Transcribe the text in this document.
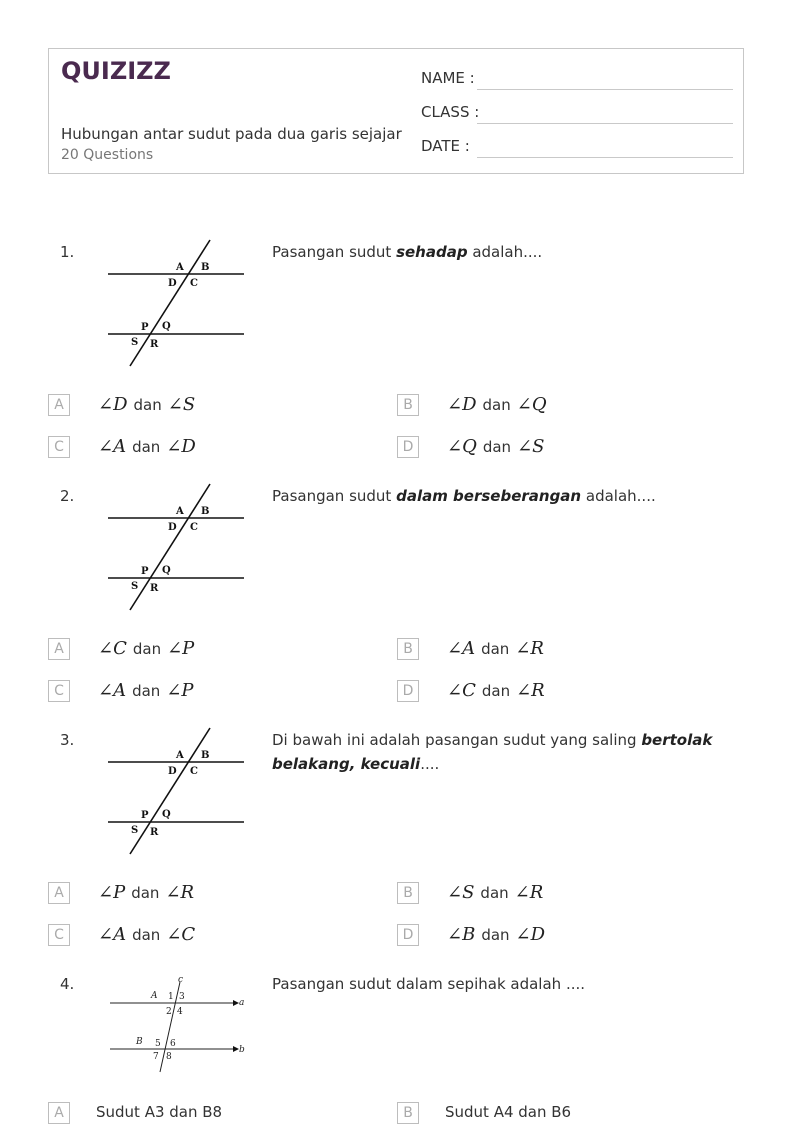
QUIZIZZ
Hubungan antar sudut pada dua garis sejajar
20 Questions
NAME :
CLASS :
DATE :
1.
A B
D C
P Q
S R
Pasangan sudut sehadap adalah....
A	∠D dan ∠S	B	∠D dan ∠Q
C	∠A dan ∠D	D	∠Q dan ∠S
2.
A B
D C
P Q
S R
Pasangan sudut dalam berseberangan adalah....
A	∠C dan ∠P	B	∠A dan ∠R
C	∠A dan ∠P	D	∠C dan ∠R
3.
A B
D C
P Q
S R
Di bawah ini adalah pasangan sudut yang saling bertolak belakang, kecuali....
A	∠P dan ∠R	B	∠S dan ∠R
C	∠A dan ∠C	D	∠B dan ∠D
4.	c
A 1 3
2 4
a
B 5 6
7 8
b
Pasangan sudut dalam sepihak adalah ....
A	Sudut A3 dan B8	B	Sudut A4 dan B6
